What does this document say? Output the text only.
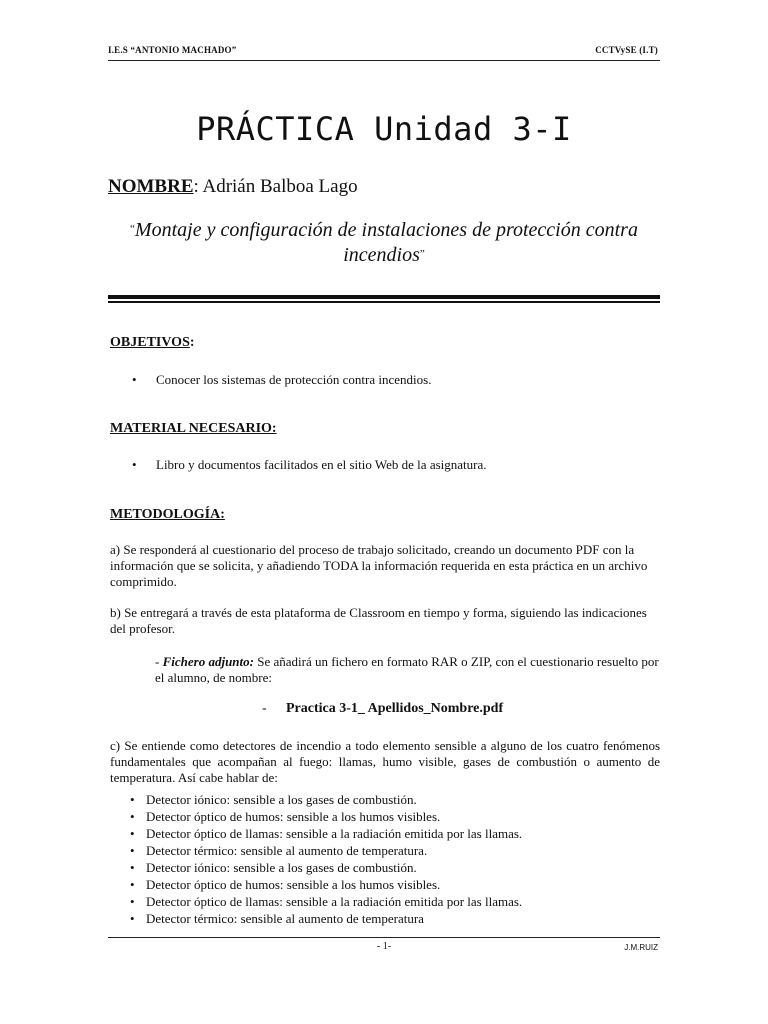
I.E.S “ANTONIO MACHADO”	CCTVySE (I.T)
PRÁCTICA Unidad 3-I
NOMBRE: Adrián Balboa Lago
“Montaje y configuración de instalaciones de protección contra incendios”
OBJETIVOS:
• Conocer los sistemas de protección contra incendios.
MATERIAL NECESARIO:
• Libro y documentos facilitados en el sitio Web de la asignatura.
METODOLOGÍA:
a) Se responderá al cuestionario del proceso de trabajo solicitado, creando un documento PDF con la información que se solicita, y añadiendo TODA la información requerida en esta práctica en un archivo comprimido.
b) Se entregará a través de esta plataforma de Classroom en tiempo y forma, siguiendo las indicaciones del profesor.
- Fichero adjunto: Se añadirá un fichero en formato RAR o ZIP, con el cuestionario resuelto por el alumno, de nombre:
- Practica 3-1_ Apellidos_Nombre.pdf
c) Se entiende como detectores de incendio a todo elemento sensible a alguno de los cuatro fenómenos fundamentales que acompañan al fuego: llamas, humo visible, gases de combustión o aumento de temperatura. Así cabe hablar de:
• Detector iónico: sensible a los gases de combustión.
• Detector óptico de humos: sensible a los humos visibles.
• Detector óptico de llamas: sensible a la radiación emitida por las llamas.
• Detector térmico: sensible al aumento de temperatura.
• Detector iónico: sensible a los gases de combustión.
• Detector óptico de humos: sensible a los humos visibles.
• Detector óptico de llamas: sensible a la radiación emitida por las llamas.
• Detector térmico: sensible al aumento de temperatura
- 1-	J.M.RUIZ
